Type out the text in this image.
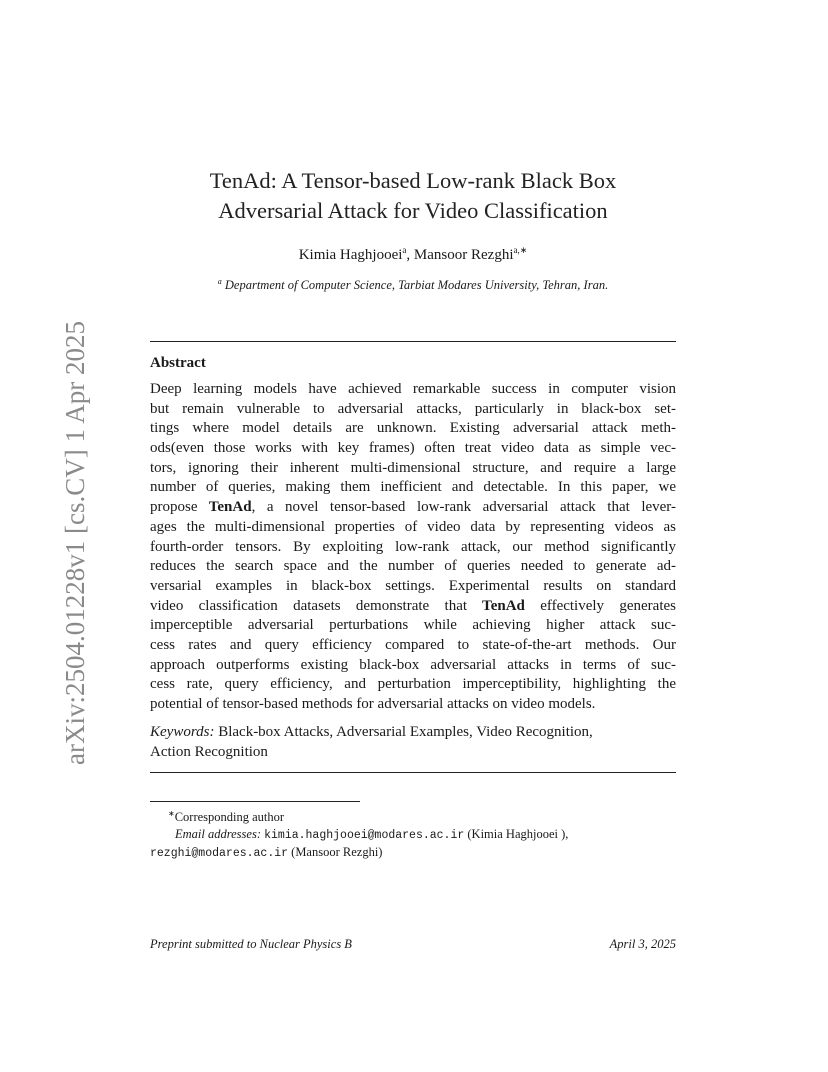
arXiv:2504.01228v1 [cs.CV] 1 Apr 2025
TenAd: A Tensor-based Low-rank Black Box
Adversarial Attack for Video Classification
Kimia Haghjooei$^a$, Mansoor Rezghi$^{a,∗}$
$^a$ Department of Computer Science, Tarbiat Modares University, Tehran, Iran.
Abstract
Deep learning models have achieved remarkable success in computer vision
but remain vulnerable to adversarial attacks, particularly in black-box set-
tings where model details are unknown. Existing adversarial attack meth-
ods(even those works with key frames) often treat video data as simple vec-
tors, ignoring their inherent multi-dimensional structure, and require a large
number of queries, making them inefficient and detectable. In this paper, we
propose TenAd, a novel tensor-based low-rank adversarial attack that lever-
ages the multi-dimensional properties of video data by representing videos as
fourth-order tensors. By exploiting low-rank attack, our method significantly
reduces the search space and the number of queries needed to generate ad-
versarial examples in black-box settings. Experimental results on standard
video classification datasets demonstrate that TenAd effectively generates
imperceptible adversarial perturbations while achieving higher attack suc-
cess rates and query efficiency compared to state-of-the-art methods. Our
approach outperforms existing black-box adversarial attacks in terms of suc-
cess rate, query efficiency, and perturbation imperceptibility, highlighting the
potential of tensor-based methods for adversarial attacks on video models.
Keywords: Black-box Attacks, Adversarial Examples, Video Recognition,
Action Recognition
∗Corresponding author
Email addresses: kimia.haghjooei@modares.ac.ir (Kimia Haghjooei ),
rezghi@modares.ac.ir (Mansoor Rezghi)
Preprint submitted to Nuclear Physics B	April 3, 2025
